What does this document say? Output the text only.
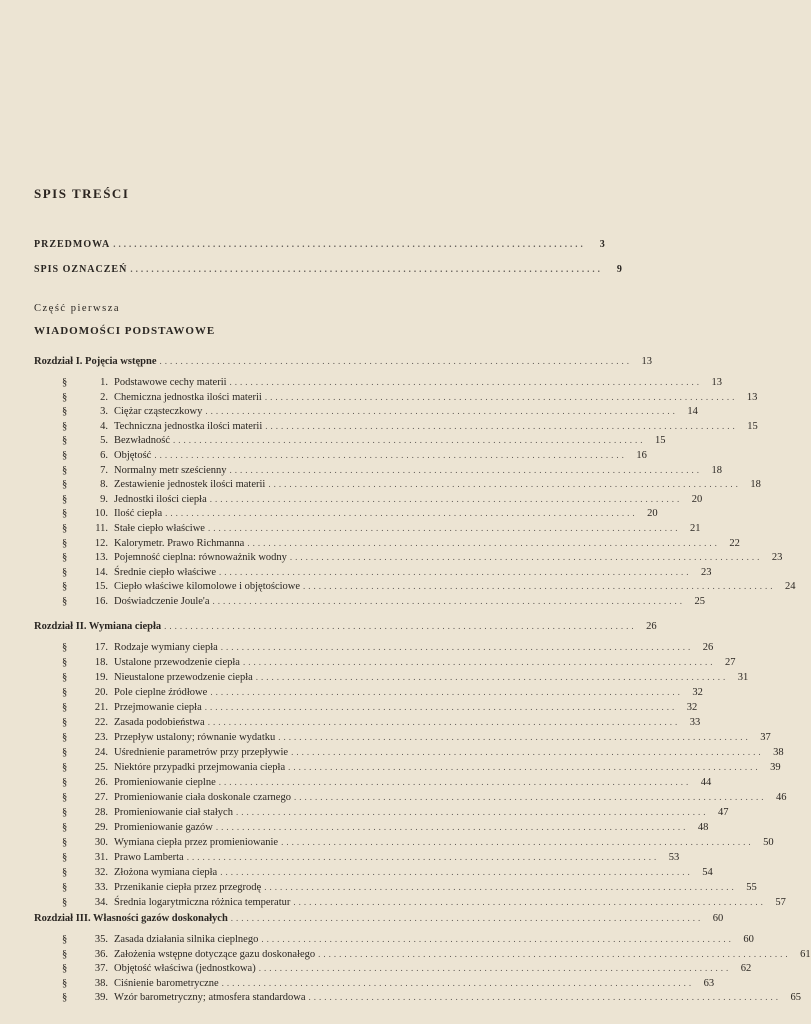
SPIS TREŚCI
PRZEDMOWA ..........................................................................................	3
SPIS OZNACZEŃ ..........................................................................................	9
Część pierwsza
WIADOMOŚCI PODSTAWOWE
Rozdział I. Pojęcia wstępne .......................................................................................... 13
§	1. Podstawowe cechy materii .......................................................................................... 13
§	2. Chemiczna jednostka ilości materii .......................................................................................... 13
§	3. Ciężar cząsteczkowy .......................................................................................... 14
§	4. Techniczna jednostka ilości materii .......................................................................................... 15
§	5. Bezwładność .......................................................................................... 15
§	6. Objętość .......................................................................................... 16
§	7. Normalny metr sześcienny .......................................................................................... 18
§	8. Zestawienie jednostek ilości materii .......................................................................................... 18
§	9. Jednostki ilości ciepła .......................................................................................... 20
§	10. Ilość ciepła .......................................................................................... 20
§	11. Stałe ciepło właściwe .......................................................................................... 21
§	12. Kalorymetr. Prawo Richmanna .......................................................................................... 22
§	13. Pojemność cieplna: równoważnik wodny .......................................................................................... 23
§	14. Średnie ciepło właściwe .......................................................................................... 23
§	15. Ciepło właściwe kilomolowe i objętościowe .......................................................................................... 24
§	16. Doświadczenie Joule'a .......................................................................................... 25
Rozdział II. Wymiana ciepła .......................................................................................... 26
§	17. Rodzaje wymiany ciepła .......................................................................................... 26
§	18. Ustalone przewodzenie ciepła .......................................................................................... 27
§	19. Nieustalone przewodzenie ciepła .......................................................................................... 31
§	20. Pole cieplne źródłowe .......................................................................................... 32
§	21. Przejmowanie ciepła .......................................................................................... 32
§	22. Zasada podobieństwa .......................................................................................... 33
§	23. Przepływ ustalony; równanie wydatku .......................................................................................... 37
§	24. Uśrednienie parametrów przy przepływie .......................................................................................... 38
§	25. Niektóre przypadki przejmowania ciepła .......................................................................................... 39
§	26. Promieniowanie cieplne .......................................................................................... 44
§	27. Promieniowanie ciała doskonale czarnego .......................................................................................... 46
§	28. Promieniowanie ciał stałych .......................................................................................... 47
§	29. Promieniowanie gazów .......................................................................................... 48
§	30. Wymiana ciepła przez promieniowanie .......................................................................................... 50
§	31. Prawo Lamberta .......................................................................................... 53
§	32. Złożona wymiana ciepła .......................................................................................... 54
§	33. Przenikanie ciepła przez przegrodę .......................................................................................... 55
§	34. Średnia logarytmiczna różnica temperatur .......................................................................................... 57
Rozdział III. Własności gazów doskonałych .......................................................................................... 60
§	35. Zasada działania silnika cieplnego .......................................................................................... 60
§	36. Założenia wstępne dotyczące gazu doskonałego .......................................................................................... 61
§	37. Objętość właściwa (jednostkowa) .......................................................................................... 62
§	38. Ciśnienie barometryczne .......................................................................................... 63
§	39. Wzór barometryczny; atmosfera standardowa .......................................................................................... 65
